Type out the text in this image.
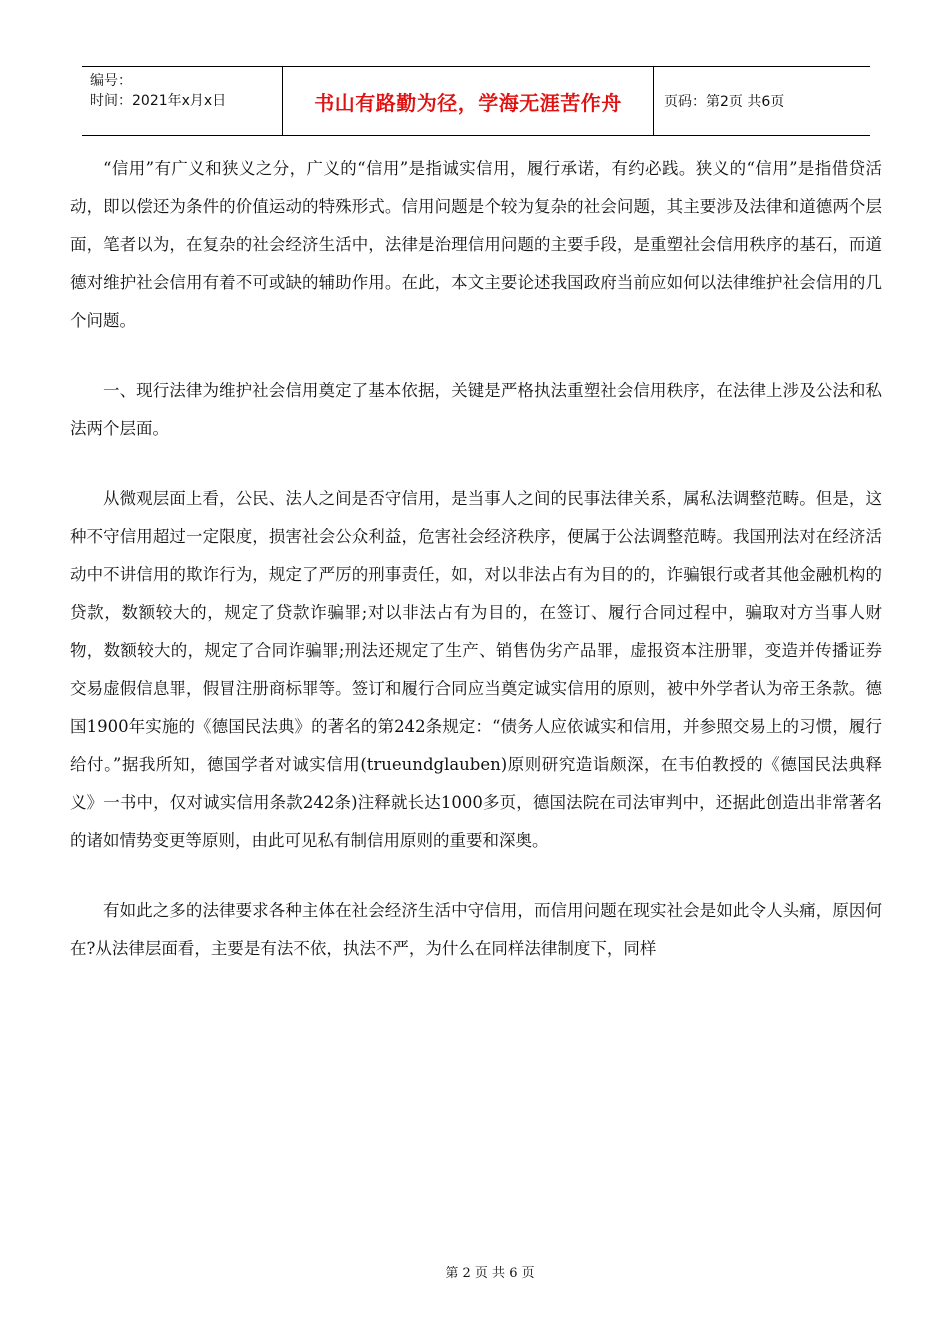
编号：
时间：2021年x月x日	书山有路勤为径，学海无涯苦作舟	页码：第2页 共6页

“信用”有广义和狭义之分，广义的“信用”是指诚实信用，履行承诺，有约必践。狭义的“信用”是指借贷活动，即以偿还为条件的价值运动的特殊形式。信用问题是个较为复杂的社会问题，其主要涉及法律和道德两个层面，笔者以为，在复杂的社会经济生活中，法律是治理信用问题的主要手段，是重塑社会信用秩序的基石，而道德对维护社会信用有着不可或缺的辅助作用。在此，本文主要论述我国政府当前应如何以法律维护社会信用的几个问题。

一、现行法律为维护社会信用奠定了基本依据，关键是严格执法重塑社会信用秩序，在法律上涉及公法和私法两个层面。

从微观层面上看，公民、法人之间是否守信用，是当事人之间的民事法律关系，属私法调整范畴。但是，这种不守信用超过一定限度，损害社会公众利益，危害社会经济秩序，便属于公法调整范畴。我国刑法对在经济活动中不讲信用的欺诈行为，规定了严厉的刑事责任，如，对以非法占有为目的的，诈骗银行或者其他金融机构的贷款，数额较大的，规定了贷款诈骗罪;对以非法占有为目的，在签订、履行合同过程中，骗取对方当事人财物，数额较大的，规定了合同诈骗罪;刑法还规定了生产、销售伪劣产品罪，虚报资本注册罪，变造并传播证券交易虚假信息罪，假冒注册商标罪等。签订和履行合同应当奠定诚实信用的原则，被中外学者认为帝王条款。德国1900年实施的《德国民法典》的著名的第242条规定：“债务人应依诚实和信用，并参照交易上的习惯，履行给付。”据我所知，德国学者对诚实信用(trueundglauben)原则研究造诣颇深，在韦伯教授的《德国民法典释义》一书中，仅对诚实信用条款242条)注释就长达1000多页，德国法院在司法审判中，还据此创造出非常著名的诸如情势变更等原则，由此可见私有制信用原则的重要和深奥。

有如此之多的法律要求各种主体在社会经济生活中守信用，而信用问题在现实社会是如此令人头痛，原因何在?从法律层面看，主要是有法不依，执法不严，为什么在同样法律制度下，同样

第 2 页 共 6 页
